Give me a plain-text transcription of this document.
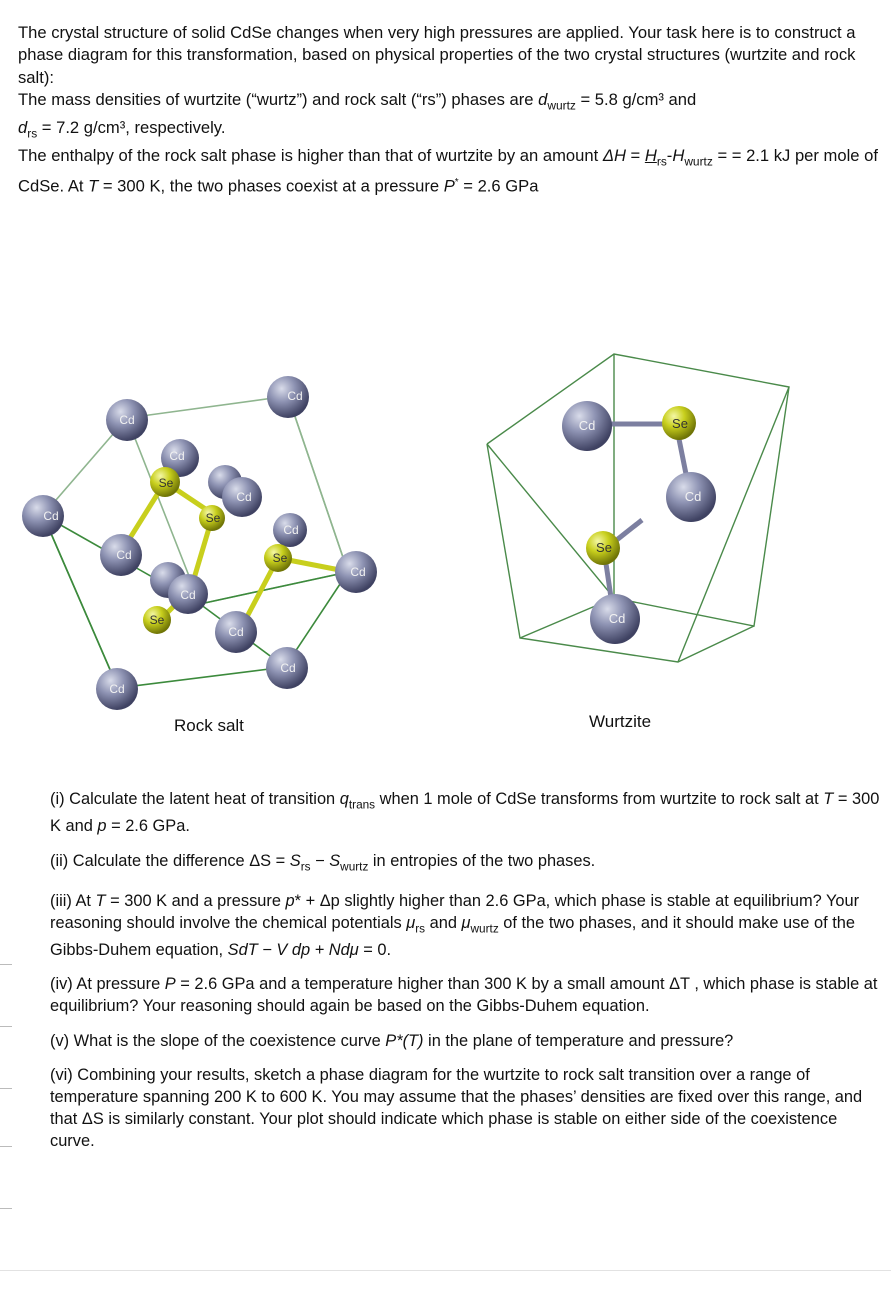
The crystal structure of solid CdSe changes when very high pressures are applied. Your task here is to construct a phase diagram for this transformation, based on physical properties of the two crystal structures (wurtzite and rock salt):

The mass densities of wurtzite (“wurtz”) and rock salt (“rs”) phases are $d_{wurtz} = 5.8$ g/cm³ and
$d_{rs} = 7.2$ g/cm³, respectively.

The enthalpy of the rock salt phase is higher than that of wurtzite by an amount $\Delta H = H_{rs}-H_{wurtz}$ = = 2.1 kJ per mole of CdSe. At T = 300 K, the two phases coexist at a pressure P* = 2.6 GPa

Cd
Cd
Cd
Cd
Se
Cd
Se
Cd
Cd	Se
Cd
Cd
Se
Cd
Cd
Cd
Cd	Se
Cd
Se
Cd
Rock salt	Wurtzite

(i) Calculate the latent heat of transition $q_{trans}$ when 1 mole of CdSe transforms from wurtzite to rock salt at T = 300 K and p = 2.6 GPa.

(ii) Calculate the difference $\Delta S = S_{rs} - S_{wurtz}$ in entropies of the two phases.

(iii) At T = 300 K and a pressure p* + Δp slightly higher than 2.6 GPa, which phase is stable at equilibrium? Your reasoning should involve the chemical potentials $\mu_{rs}$ and $\mu_{wurtz}$ of the two phases, and it should make use of the Gibbs-Duhem equation, SdT − V dp + Ndμ = 0.

(iv) At pressure P = 2.6 GPa and a temperature higher than 300 K by a small amount ΔT , which phase is stable at equilibrium? Your reasoning should again be based on the Gibbs-Duhem equation.

(v) What is the slope of the coexistence curve P*(T) in the plane of temperature and pressure?

(vi) Combining your results, sketch a phase diagram for the wurtzite to rock salt transition over a range of temperature spanning 200 K to 600 K. You may assume that the phases’ densities are fixed over this range, and that ΔS is similarly constant. Your plot should indicate which phase is stable on either side of the coexistence curve.
